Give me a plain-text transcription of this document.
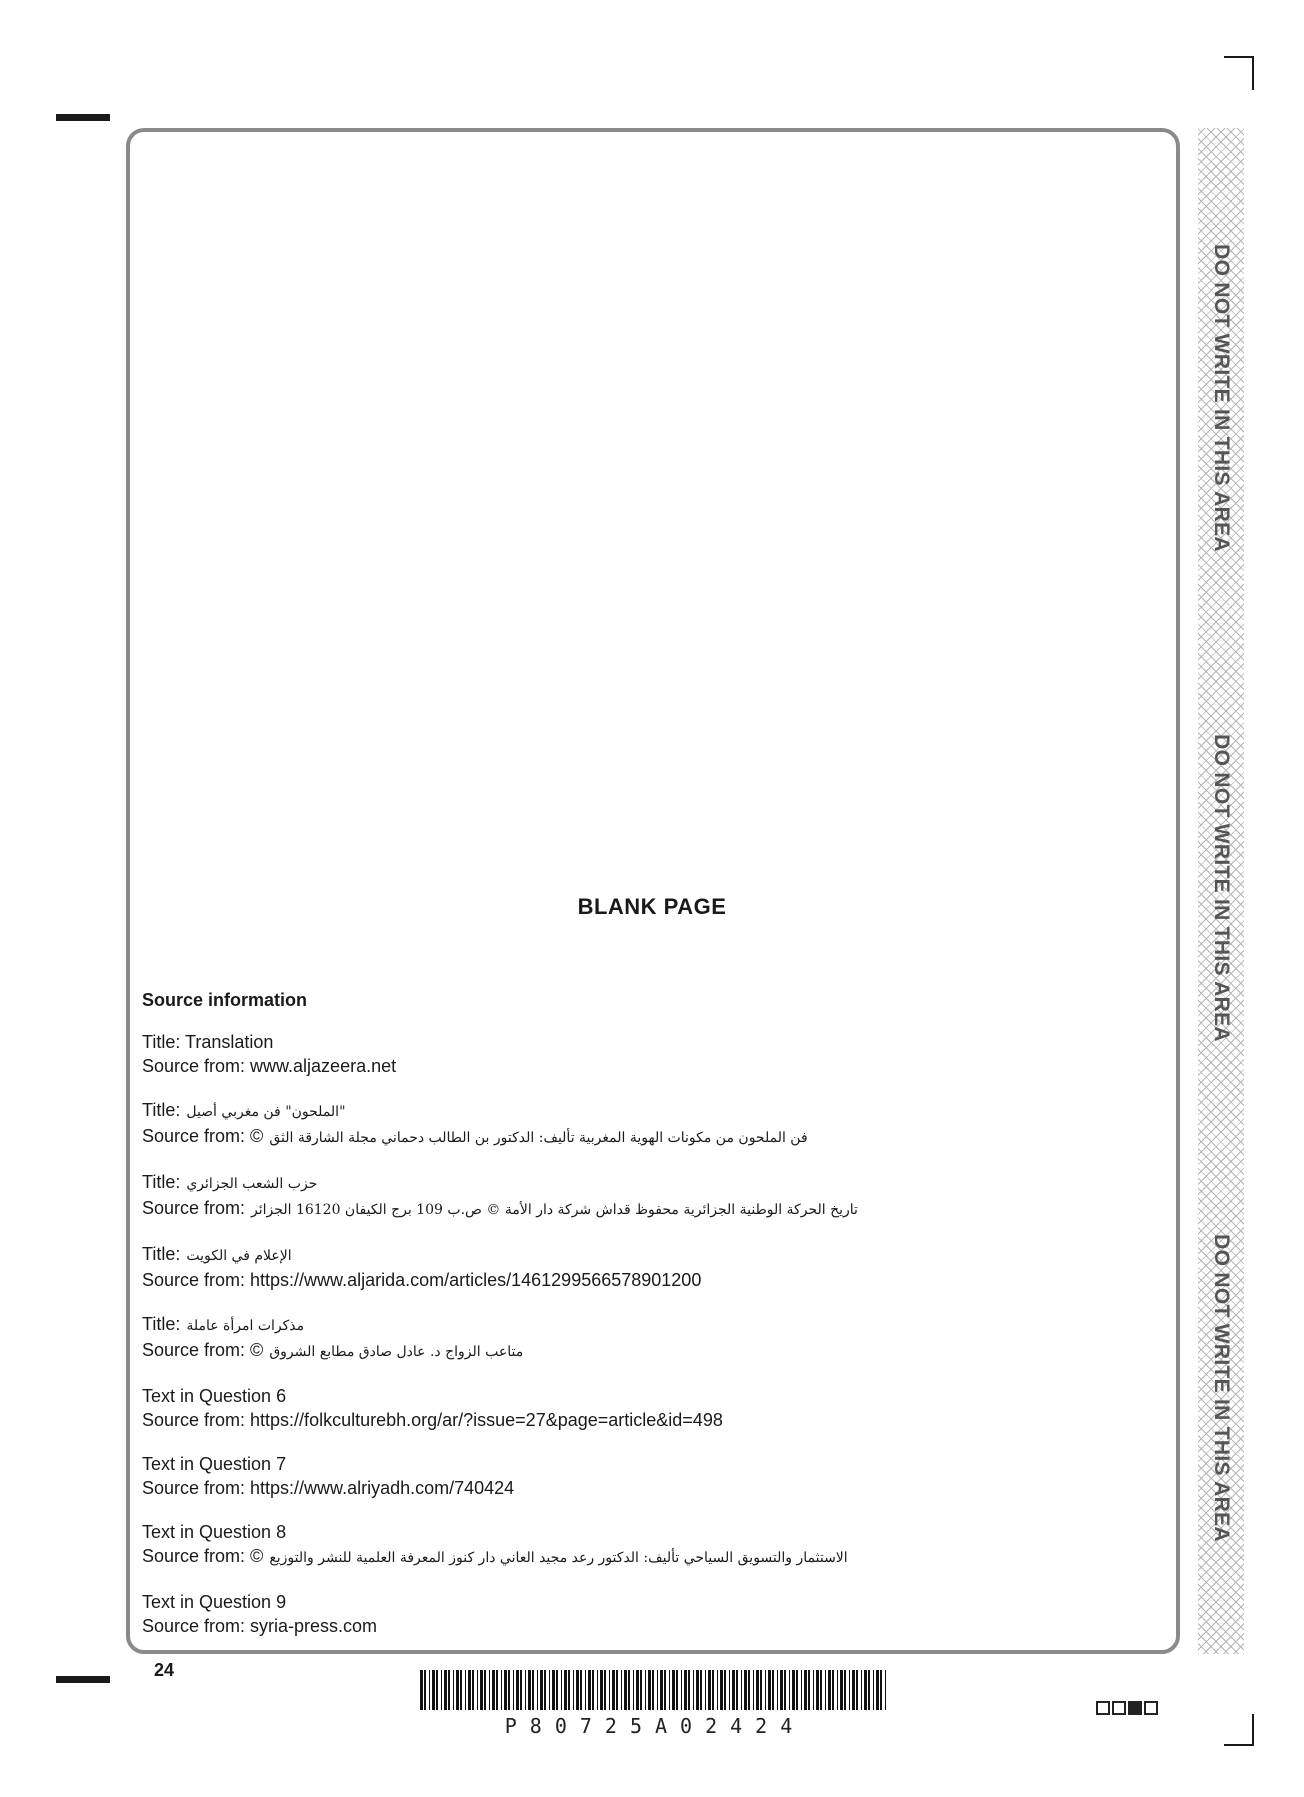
BLANK PAGE
Source information
Title: Translation
Source from: www.aljazeera.net
Title: "الملحون" فن مغربي أصيل
Source from: © فن الملحون من مكونات الهوية المغربية تأليف: الدكتور بن الطالب دحماني مجلة الشارقة الثق
Title: حزب الشعب الجزائري
Source from: تاريخ الحركة الوطنية الجزائرية محفوظ قداش شركة دار الأمة © ص.ب 109 برج الكيفان 16120 الجزائر
Title: الإعلام في الكويت
Source from: https://www.aljarida.com/articles/1461299566578901200
Title: مذكرات امرأة عاملة
Source from: © متاعب الزواج د. عادل صادق مطابع الشروق
Text in Question 6
Source from: https://folkculturebh.org/ar/?issue=27&page=article&id=498
Text in Question 7
Source from: https://www.alriyadh.com/740424
Text in Question 8
Source from: © الاستثمار والتسويق السياحي تأليف: الدكتور رعد مجيد العاني دار كنوز المعرفة العلمية للنشر والتوزيع
Text in Question 9
Source from: syria-press.com
DO NOT WRITE IN THIS AREA
DO NOT WRITE IN THIS AREA
DO NOT WRITE IN THIS AREA
24
P80725A02424
